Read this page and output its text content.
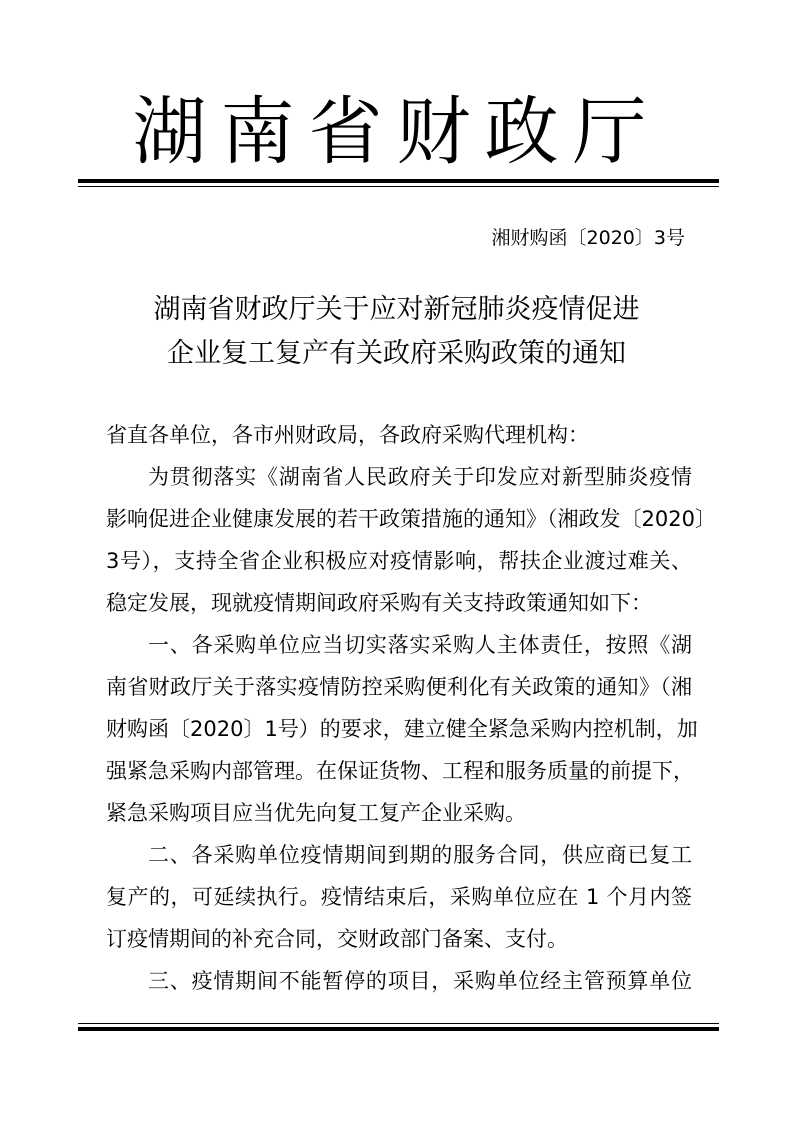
湖南省财政厅
湘财购函〔2020〕3号
湖南省财政厅关于应对新冠肺炎疫情促进
企业复工复产有关政府采购政策的通知
省直各单位，各市州财政局，各政府采购代理机构：
为贯彻落实《湖南省人民政府关于印发应对新型肺炎疫情
影响促进企业健康发展的若干政策措施的通知》（湘政发〔2020〕
3号），支持全省企业积极应对疫情影响，帮扶企业渡过难关、
稳定发展，现就疫情期间政府采购有关支持政策通知如下：
一、各采购单位应当切实落实采购人主体责任，按照《湖
南省财政厅关于落实疫情防控采购便利化有关政策的通知》（湘
财购函〔2020〕1号）的要求，建立健全紧急采购内控机制，加
强紧急采购内部管理。在保证货物、工程和服务质量的前提下，
紧急采购项目应当优先向复工复产企业采购。
二、各采购单位疫情期间到期的服务合同，供应商已复工
复产的，可延续执行。疫情结束后，采购单位应在 1 个月内签
订疫情期间的补充合同，交财政部门备案、支付。
三、疫情期间不能暂停的项目，采购单位经主管预算单位
